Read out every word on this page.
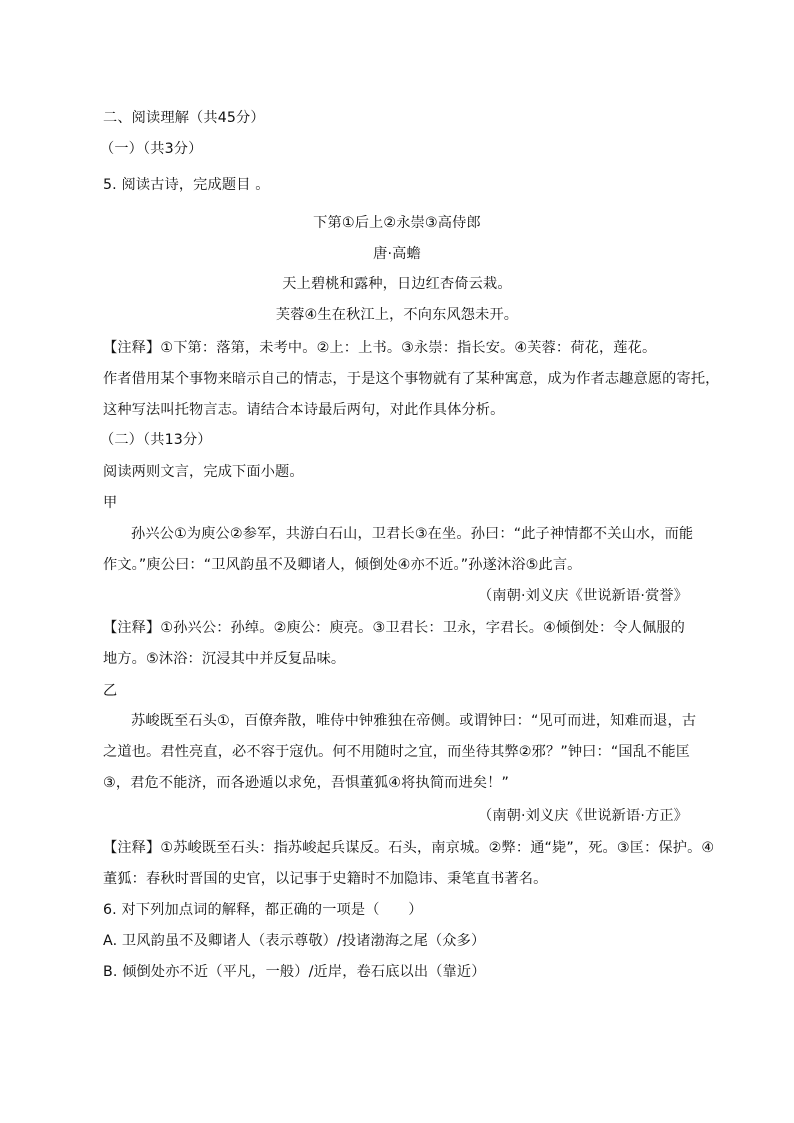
二、阅读理解（共45分）
（一）（共3分）
5. 阅读古诗，完成题目 。
下第①后上②永崇③高侍郎
唐·高蟾
天上碧桃和露种，日边红杏倚云栽。
芙蓉④生在秋江上，不向东风怨未开。
【注释】①下第：落第，未考中。②上：上书。③永崇：指长安。④芙蓉：荷花，莲花。
作者借用某个事物来暗示自己的情志，于是这个事物就有了某种寓意，成为作者志趣意愿的寄托，
这种写法叫托物言志。请结合本诗最后两句，对此作具体分析。
（二）（共13分）
阅读两则文言，完成下面小题。
甲
孙兴公①为庾公②参军，共游白石山，卫君长③在坐。孙曰：“此子神情都不关山水，而能
作文。”庾公曰：“卫风韵虽不及卿诸人，倾倒处④亦不近。”孙遂沐浴⑤此言。
（南朝·刘义庆《世说新语·赏誉》
【注释】①孙兴公：孙绰。②庾公：庾亮。③卫君长：卫永，字君长。④倾倒处：令人佩服的
地方。⑤沐浴：沉浸其中并反复品味。
乙
苏峻既至石头①，百僚奔散，唯侍中钟雅独在帝侧。或谓钟曰：“见可而进，知难而退，古
之道也。君性亮直，必不容于寇仇。何不用随时之宜，而坐待其弊②邪？”钟曰：“国乱不能匡
③，君危不能济，而各逊遁以求免，吾惧董狐④将执简而进矣！”
（南朝·刘义庆《世说新语·方正》
【注释】①苏峻既至石头：指苏峻起兵谋反。石头，南京城。②弊：通“毙”，死。③匡：保护。④
董狐：春秋时晋国的史官，以记事于史籍时不加隐讳、秉笔直书著名。
6. 对下列加点词的解释，都正确的一项是（　　）
A. 卫风韵虽不及卿诸人（表示尊敬）/投诸渤海之尾（众多）
B. 倾倒处亦不近（平凡，一般）/近岸，卷石底以出（靠近）
